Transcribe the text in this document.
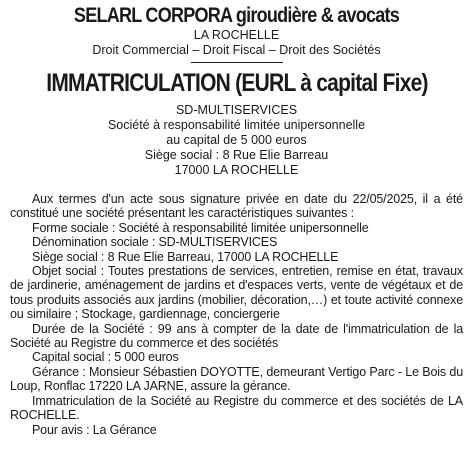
SELARL CORPORA giroudière & avocats

LA ROCHELLE

Droit Commercial – Droit Fiscal – Droit des Sociétés

IMMATRICULATION (EURL à capital Fixe)

SD-MULTISERVICES
Société à responsabilité limitée unipersonnelle
au capital de 5 000 euros
Siège social : 8 Rue Elie Barreau
17000 LA ROCHELLE

Aux termes d'un acte sous signature privée en date du 22/05/2025, il a été constitué une société présentant les caractéristiques suivantes :

Forme sociale : Société à responsabilité limitée unipersonnelle

Dénomination sociale : SD-MULTISERVICES

Siège social : 8 Rue Elie Barreau, 17000 LA ROCHELLE

Objet social : Toutes prestations de services, entretien, remise en état, travaux de jardinerie, aménagement de jardins et d'espaces verts, vente de végétaux et de tous produits associés aux jardins (mobilier, décoration,…) et toute activité connexe ou similaire ; Stockage, gardiennage, conciergerie

Durée de la Société : 99 ans à compter de la date de l'immatriculation de la Société au Registre du commerce et des sociétés

Capital social : 5 000 euros

Gérance : Monsieur Sébastien DOYOTTE, demeurant Vertigo Parc - Le Bois du Loup, Ronflac 17220 LA JARNE, assure la gérance.

Immatriculation de la Société au Registre du commerce et des sociétés de LA ROCHELLE.

Pour avis : La Gérance
